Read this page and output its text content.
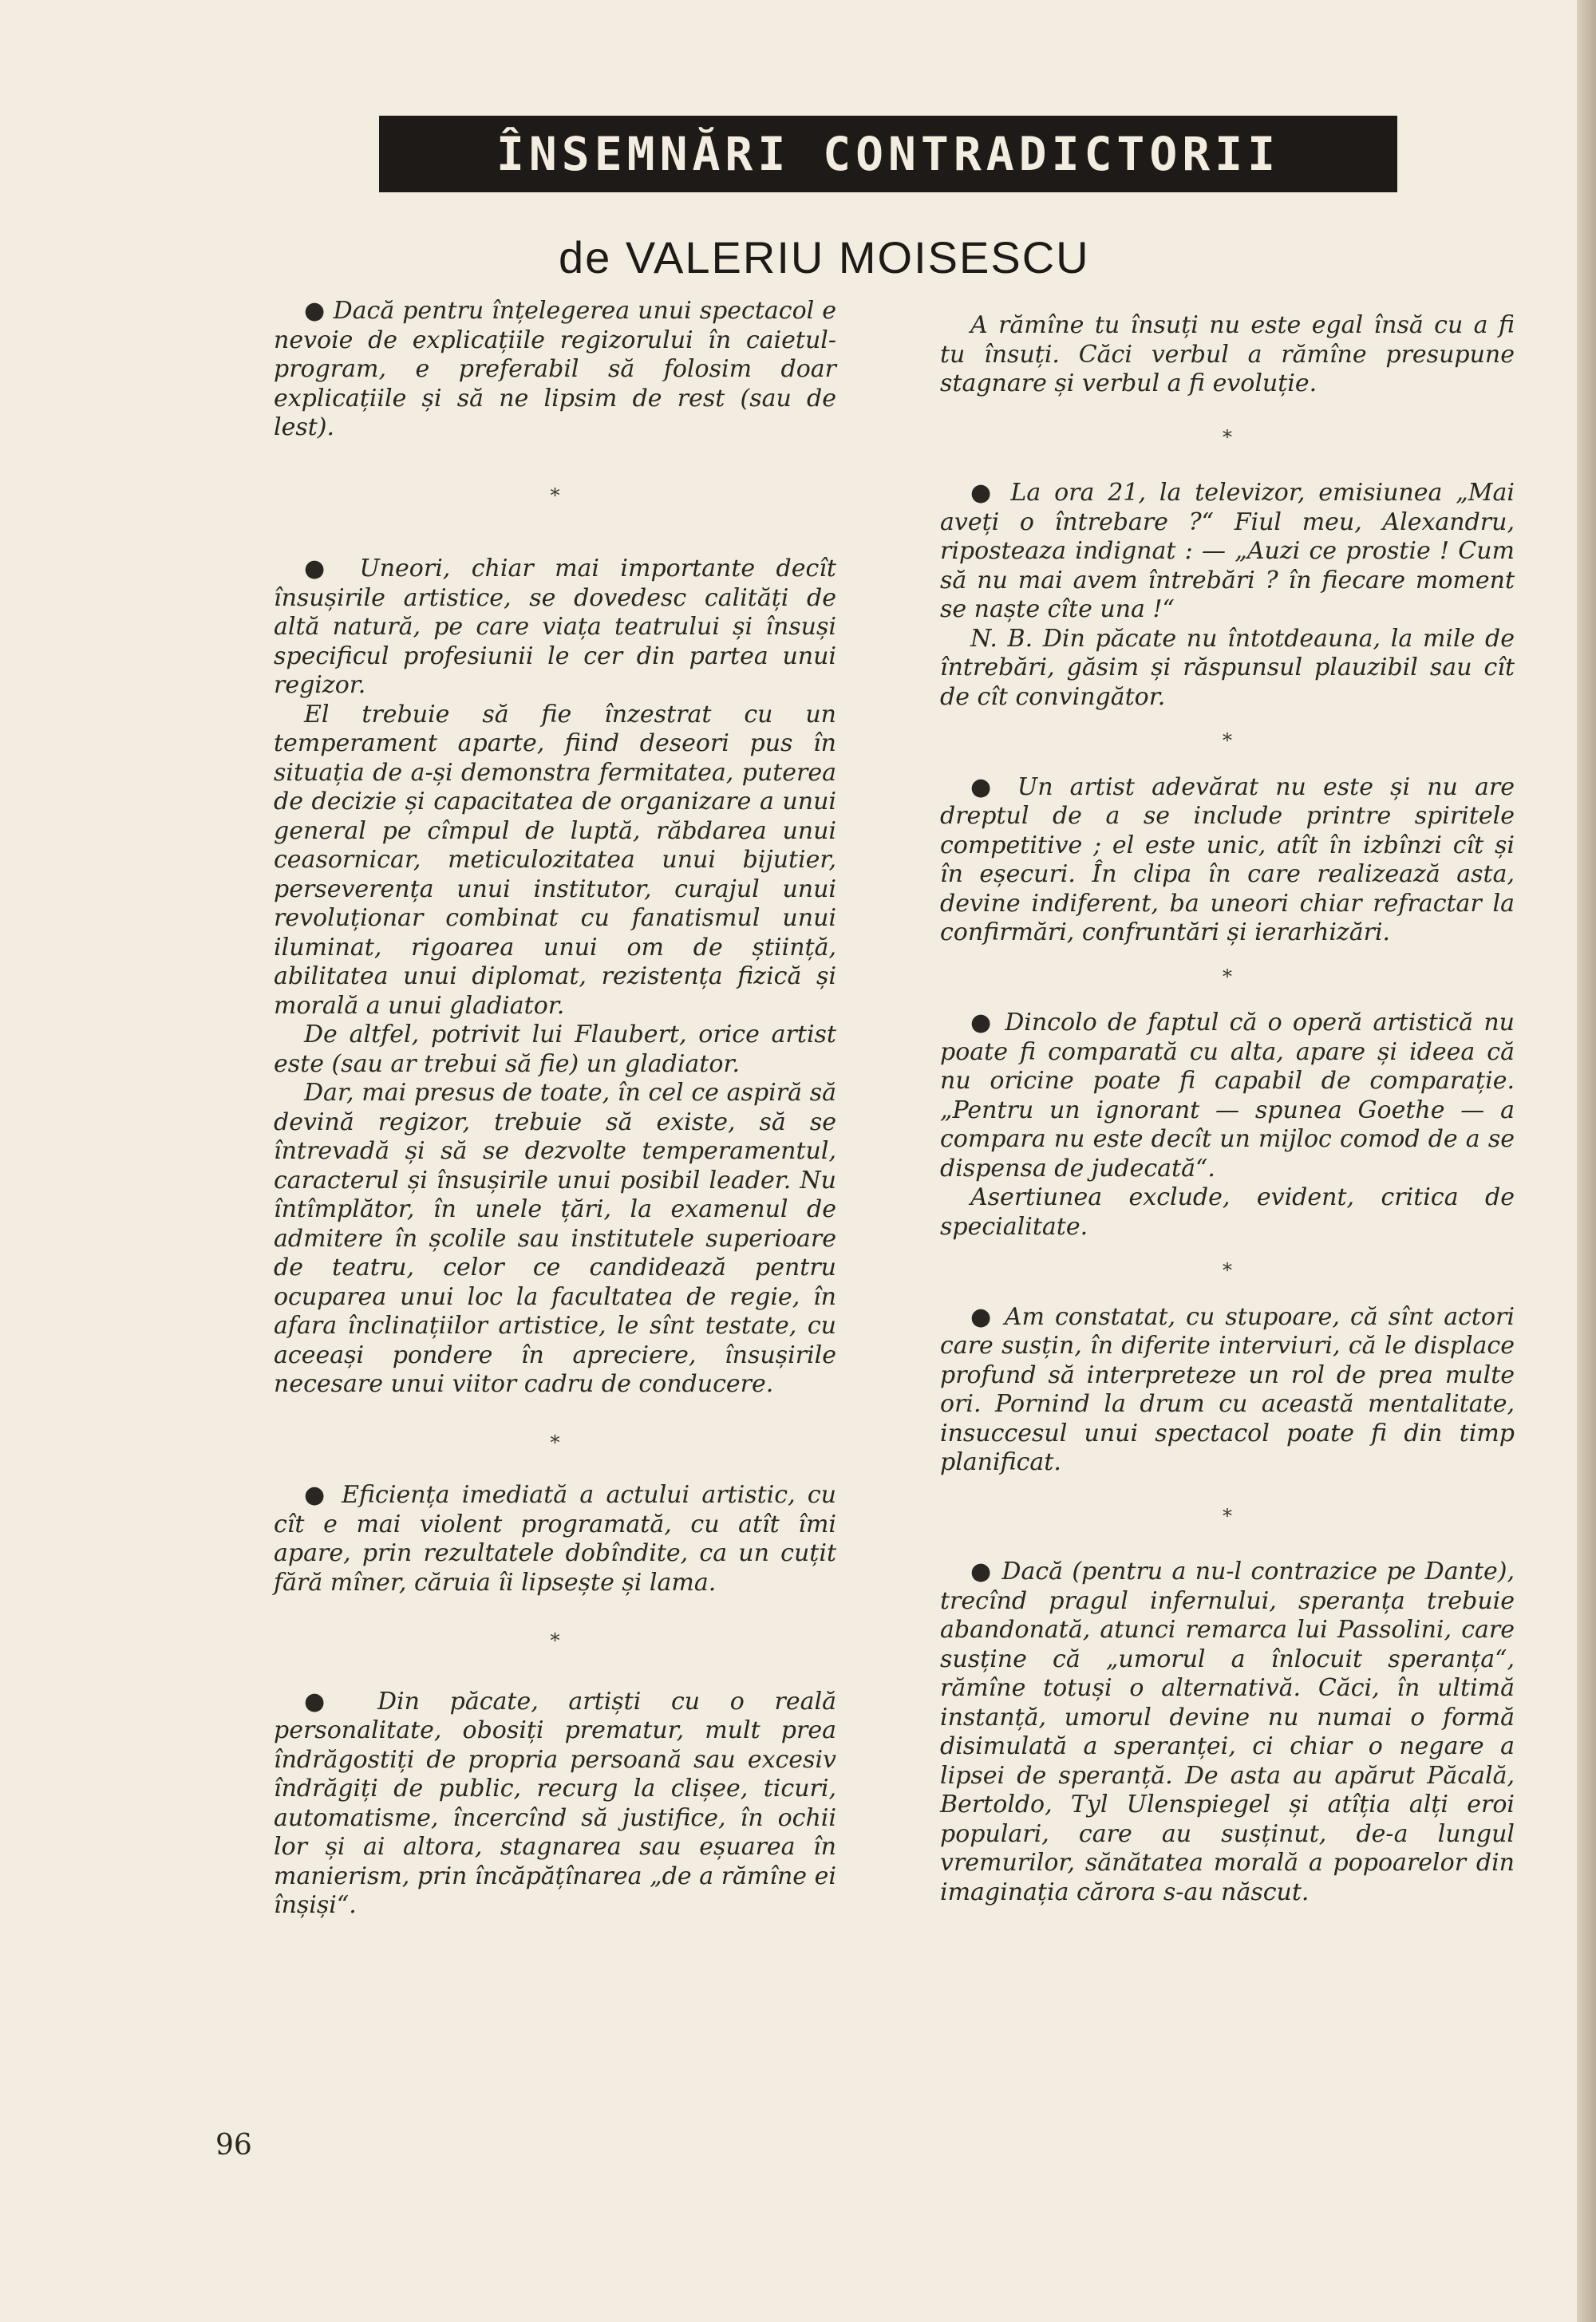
ÎNSEMNĂRI CONTRADICTORII
de VALERIU MOISESCU

● Dacă pentru înțelegerea unui spectacol e nevoie de explicațiile regizorului în caietul-program, e preferabil să folosim doar explicațiile și să ne lipsim de rest (sau de lest).

*

● Uneori, chiar mai importante decît însușirile artistice, se dovedesc calități de altă natură, pe care viața teatrului și însuși specificul profesiunii le cer din partea unui regizor.

El trebuie să fie înzestrat cu un temperament aparte, fiind deseori pus în situația de a-și demonstra fermitatea, puterea de decizie și capacitatea de organizare a unui general pe cîmpul de luptă, răbdarea unui ceasornicar, meticulozitatea unui bijutier, perseverența unui institutor, curajul unui revoluționar combinat cu fanatismul unui iluminat, rigoarea unui om de știință, abilitatea unui diplomat, rezistența fizică și morală a unui gladiator.

De altfel, potrivit lui Flaubert, orice artist este (sau ar trebui să fie) un gladiator.

Dar, mai presus de toate, în cel ce aspiră să devină regizor, trebuie să existe, să se întrevadă și să se dezvolte temperamentul, caracterul și însușirile unui posibil leader. Nu întîmplător, în unele țări, la examenul de admitere în școlile sau institutele superioare de teatru, celor ce candidează pentru ocuparea unui loc la facultatea de regie, în afara înclinațiilor artistice, le sînt testate, cu aceeași pondere în apreciere, însușirile necesare unui viitor cadru de conducere.

*

● Eficiența imediată a actului artistic, cu cît e mai violent programată, cu atît îmi apare, prin rezultatele dobîndite, ca un cuțit fără mîner, căruia îi lipsește și lama.

*

● Din păcate, artiști cu o reală personalitate, obosiți prematur, mult prea îndrăgostiți de propria persoană sau excesiv îndrăgiți de public, recurg la clișee, ticuri, automatisme, încercînd să justifice, în ochii lor și ai altora, stagnarea sau eșuarea în manierism, prin încăpățînarea „de a rămîne ei înșiși“.

A rămîne tu însuți nu este egal însă cu a fi tu însuți. Căci verbul a rămîne presupune stagnare și verbul a fi evoluție.

*

● La ora 21, la televizor, emisiunea „Mai aveți o întrebare ?“ Fiul meu, Alexandru, riposteaza indignat : — „Auzi ce prostie ! Cum să nu mai avem întrebări ? în fiecare moment se naște cîte una !“

N. B. Din păcate nu întotdeauna, la mile de întrebări, găsim și răspunsul plauzibil sau cît de cît convingător.

*

● Un artist adevărat nu este și nu are dreptul de a se include printre spiritele competitive ; el este unic, atît în izbînzi cît și în eșecuri. În clipa în care realizează asta, devine indiferent, ba uneori chiar refractar la confirmări, confruntări și ierarhizări.

*

● Dincolo de faptul că o operă artistică nu poate fi comparată cu alta, apare și ideea că nu oricine poate fi capabil de comparație. „Pentru un ignorant — spunea Goethe — a compara nu este decît un mijloc comod de a se dispensa de judecată“.

Asertiunea exclude, evident, critica de specialitate.

*

● Am constatat, cu stupoare, că sînt actori care susțin, în diferite interviuri, că le displace profund să interpreteze un rol de prea multe ori. Pornind la drum cu această mentalitate, insuccesul unui spectacol poate fi din timp planificat.

*

● Dacă (pentru a nu-l contrazice pe Dante), trecînd pragul infernului, speranța trebuie abandonată, atunci remarca lui Passolini, care susține că „umorul a înlocuit speranța“, rămîne totuși o alternativă. Căci, în ultimă instanță, umorul devine nu numai o formă disimulată a speranței, ci chiar o negare a lipsei de speranță. De asta au apărut Păcală, Bertoldo, Tyl Ulenspiegel și atîția alți eroi populari, care au susținut, de-a lungul vremurilor, sănătatea morală a popoarelor din imaginația cărora s-au născut.

96
